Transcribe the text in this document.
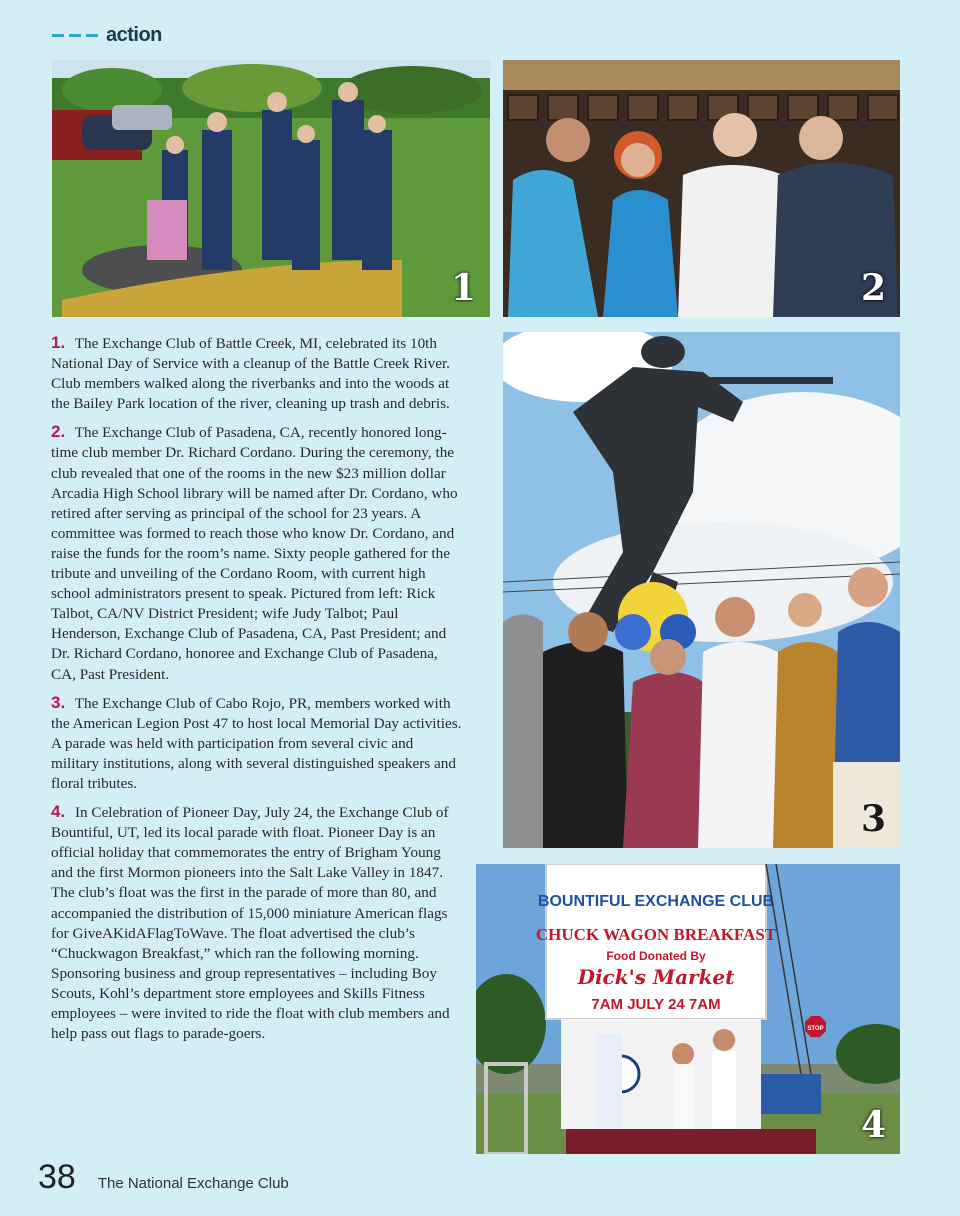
action
1	2
3
BOUNTIFUL EXCHANGE CLUB
CHUCK WAGON BREAKFAST
Food Donated By
Dick's Market
7AM JULY 24 7AM
STOP
4

1. The Exchange Club of Battle Creek, MI, celebrated its 10th National Day of Service with a cleanup of the Battle Creek River. Club members walked along the riverbanks and into the woods at the Bailey Park location of the river, cleaning up trash and debris.

2. The Exchange Club of Pasadena, CA, recently honored long-time club member Dr. Richard Cordano. During the ceremony, the club revealed that one of the rooms in the new $23 million dollar Arcadia High School library will be named after Dr. Cordano, who retired after serving as principal of the school for 23 years. A committee was formed to reach those who know Dr. Cordano, and raise the funds for the room’s name. Sixty people gathered for the tribute and unveiling of the Cordano Room, with current high school administrators present to speak. Pictured from left: Rick Talbot, CA/NV District President; wife Judy Talbot; Paul Henderson, Exchange Club of Pasadena, CA, Past President; and Dr. Richard Cordano, honoree and Exchange Club of Pasadena, CA, Past President.

3. The Exchange Club of Cabo Rojo, PR, members worked with the American Legion Post 47 to host local Memorial Day activities. A parade was held with participation from several civic and military institutions, along with several distinguished speakers and floral tributes.

4. In Celebration of Pioneer Day, July 24, the Exchange Club of Bountiful, UT, led its local parade with float. Pioneer Day is an official holiday that commemorates the entry of Brigham Young and the first Mormon pioneers into the Salt Lake Valley in 1847. The club’s float was the first in the parade of more than 80, and accompanied the distribution of 15,000 miniature American flags for GiveAKidAFlagToWave. The float advertised the club’s “Chuckwagon Breakfast,” which ran the following morning. Sponsoring business and group representatives – including Boy Scouts, Kohl’s department store employees and Skills Fitness employees – were invited to ride the float with club members and help pass out flags to parade-goers.

38 The National Exchange Club
